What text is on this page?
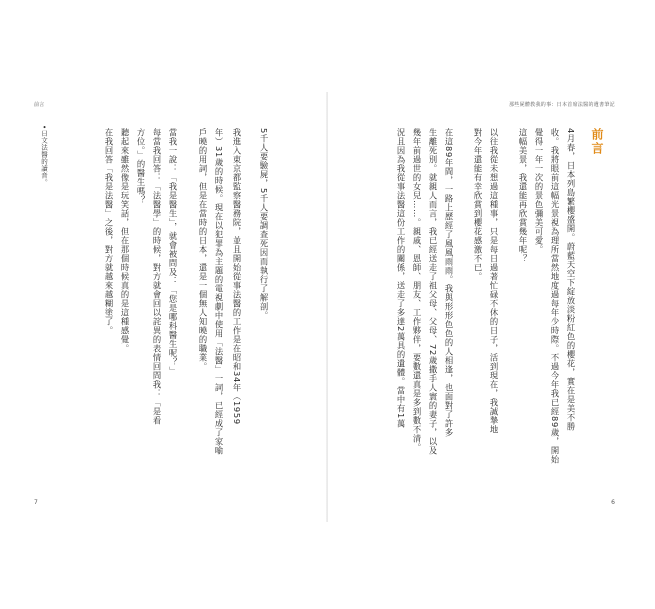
前言

5千人要驗屍，5千人要調查死因而執行了解剖。

我進入東京都監察醫務院，並且開始從事法醫的工作是在昭和34年（1959

年）31歲的時候。現在以犯罪為主題的電視劇中使用「法醫」一詞，已經成了家喻

戶曉的用詞，但是在當時的日本，還是一個無人知曉的職業。

當我一說：「我是醫生」，就會被問及：「您是哪科醫生呢？」

每當我回答：「法醫學」的時候，對方就會回以詫異的表情回問我：「是看

方位。」的醫生嗎？

聽起來雖然像是玩笑話，但在那個時候真的是這種感覺。

在我回答「我是法醫」之後，對方就越來越糊塗了。

•日文法醫的讀音。
7
那些屍體教我的事：日本首席法醫的遺書筆記
前言

4月春，日本列島繁櫻盛開。蔚藍天空下綻放淡粉紅色的櫻花，實在是美不勝

收。我將眼前這幅光景視為理所當然地度過每年少時際。不過今年我已經89歲，開始

覺得一年一次的景色彌美可愛。

這幅美景，我還能再欣賞幾年呢？

以往我從未想過這種事，只是每日過著忙碌不休的日子，活到現在，我誠摯地

對今年還能有幸欣賞到櫻花感激不已。

在這89年間，一路上歷經了風風雨雨。我與形形色色的人相逢，也面對了許多

生離死別。就親人而言，我已經送走了祖父母、父母、72歲撒手人寰的妻子，以及

幾年前過世的女兒……。親戚、恩師、朋友、工作夥伴，要數還真是多到數不清。

況且因為我從事法醫這份工作的關係，送走了多達2萬具的遺體。當中有1萬

6
